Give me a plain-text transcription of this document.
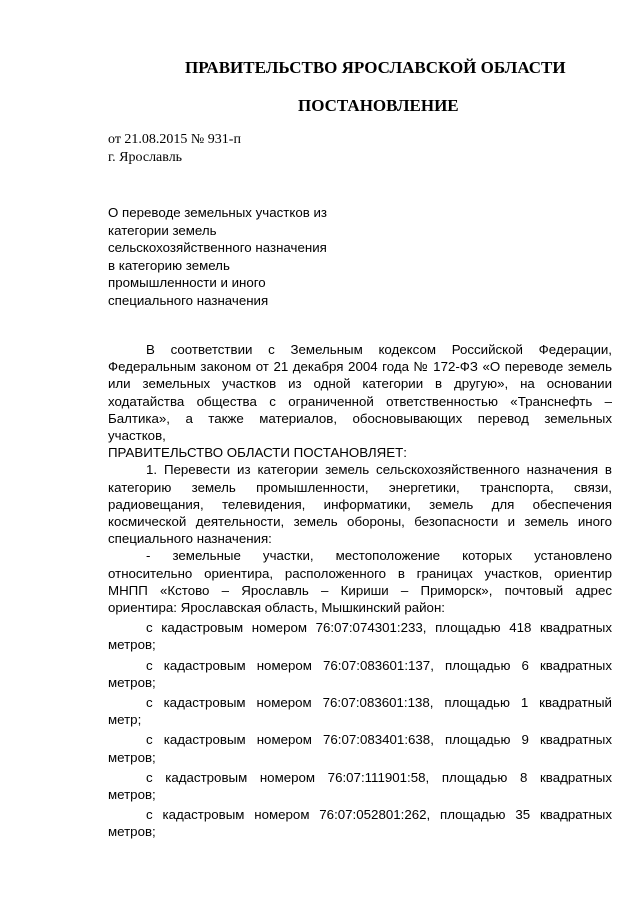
ПРАВИТЕЛЬСТВО ЯРОСЛАВСКОЙ ОБЛАСТИ
ПОСТАНОВЛЕНИЕ
от 21.08.2015 № 931-п
г. Ярославль
О переводе земельных участков из
категории земель
сельскохозяйственного назначения
в категорию земель
промышленности и иного
специального назначения

В соответствии с Земельным кодексом Российской Федерации,

Федеральным законом от 21 декабря 2004 года № 172-ФЗ «О переводе земель

или земельных участков из одной категории в другую», на основании

ходатайства общества с ограниченной ответственностью «Транснефть –

Балтика», а также материалов, обосновывающих перевод земельных

участков,

ПРАВИТЕЛЬСТВО ОБЛАСТИ ПОСТАНОВЛЯЕТ:

1. Перевести из категории земель сельскохозяйственного назначения в

категорию земель промышленности, энергетики, транспорта, связи,

радиовещания, телевидения, информатики, земель для обеспечения

космической деятельности, земель обороны, безопасности и земель иного

специального назначения:

- земельные участки, местоположение которых установлено

относительно ориентира, расположенного в границах участков, ориентир

МНПП «Кстово – Ярославль – Кириши – Приморск», почтовый адрес

ориентира: Ярославская область, Мышкинский район:

с кадастровым номером 76:07:074301:233, площадью 418 квадратных

метров;

с кадастровым номером 76:07:083601:137, площадью 6 квадратных

метров;

с кадастровым номером 76:07:083601:138, площадью 1 квадратный

метр;

с кадастровым номером 76:07:083401:638, площадью 9 квадратных

метров;

с кадастровым номером 76:07:111901:58, площадью 8 квадратных

метров;

с кадастровым номером 76:07:052801:262, площадью 35 квадратных

метров;
